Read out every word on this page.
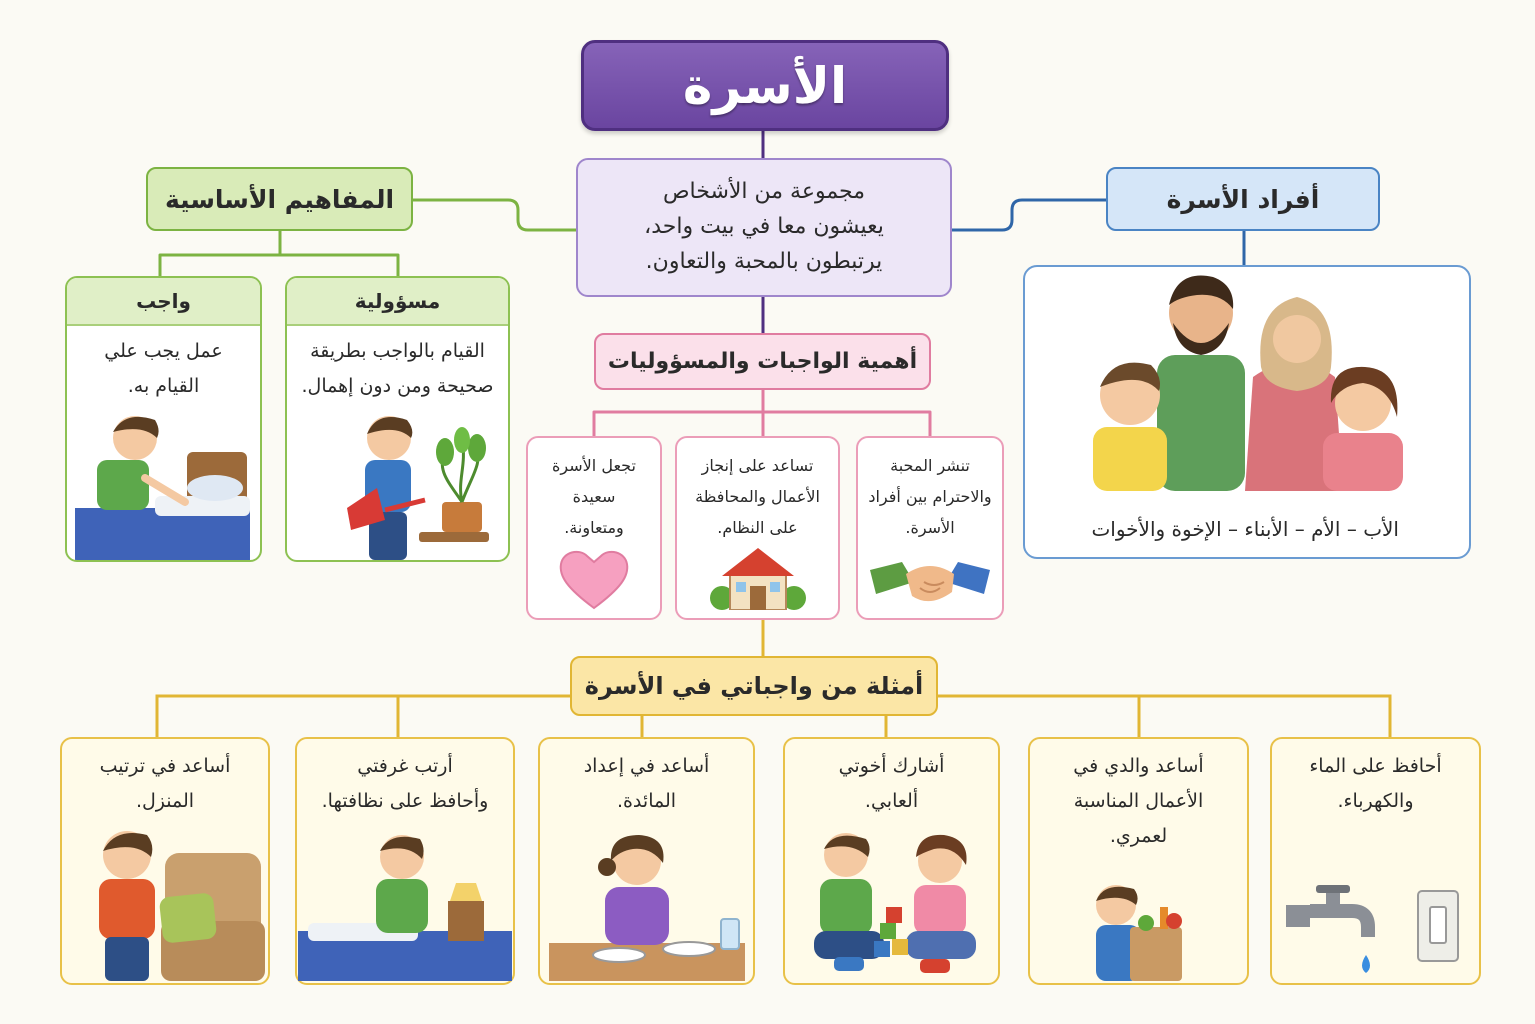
الأسرة
مجموعة من الأشخاص
يعيشون معا في بيت واحد،
يرتبطون بالمحبة والتعاون.
المفاهيم الأساسية
مسؤولية
القيام بالواجب بطريقة
صحيحة ومن دون إهمال.
واجب
عمل يجب علي
القيام به.
أفراد الأسرة
الأب – الأم – الأبناء – الإخوة والأخوات
أهمية الواجبات والمسؤوليات
تنشر المحبة
والاحترام بين أفراد
الأسرة.
تساعد على إنجاز
الأعمال والمحافظة
على النظام.
تجعل الأسرة
سعيدة
ومتعاونة.
أمثلة من واجباتي في الأسرة
أحافظ على الماء
والكهرباء.
أساعد والدي في
الأعمال المناسبة
لعمري.
أشارك أخوتي
ألعابي.
أساعد في إعداد
المائدة.
أرتب غرفتي
وأحافظ على نظافتها.
أساعد في ترتيب
المنزل.
